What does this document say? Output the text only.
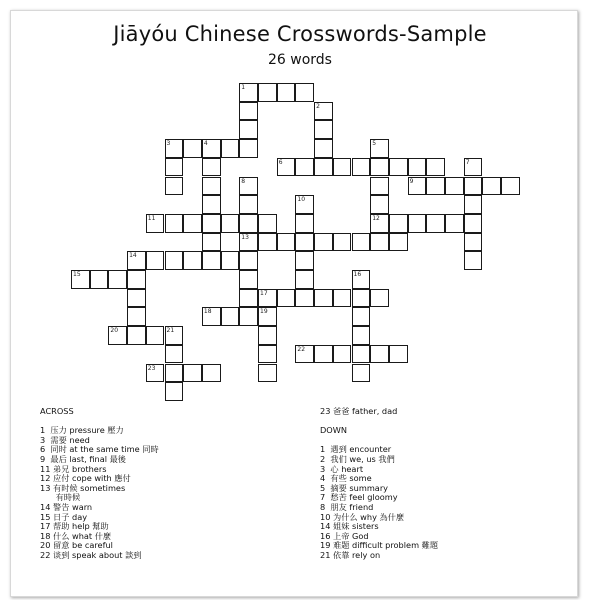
Jiāyóu Chinese Crosswords-Sample
26 words
1
2
3	4	5
6	7
8	9
10
11	12
13
14
15	16
17
18	19
20	21
22
23
ACROSS
1  压力 pressure 壓力
3  需要 need
6  同时 at the same time 同時
9  最后 last, final 最後
11 弟兄 brothers
12 应付 cope with 應付
13 有时候 sometimes
有時候
14 警告 warn
15 日子 day
17 帮助 help 幫助
18 什么 what 什麼
20 留意 be careful
22 谈到 speak about 談到
23 爸爸 father, dad
DOWN
1  遇到 encounter
2  我们 we, us 我們
3  心 heart
4  有些 some
5  摘要 summary
7  愁苦 feel gloomy
8  朋友 friend
10 为什么 why 為什麼
14 姐妹 sisters
16 上帝 God
19 难题 difficult problem 難題
21 依靠 rely on
